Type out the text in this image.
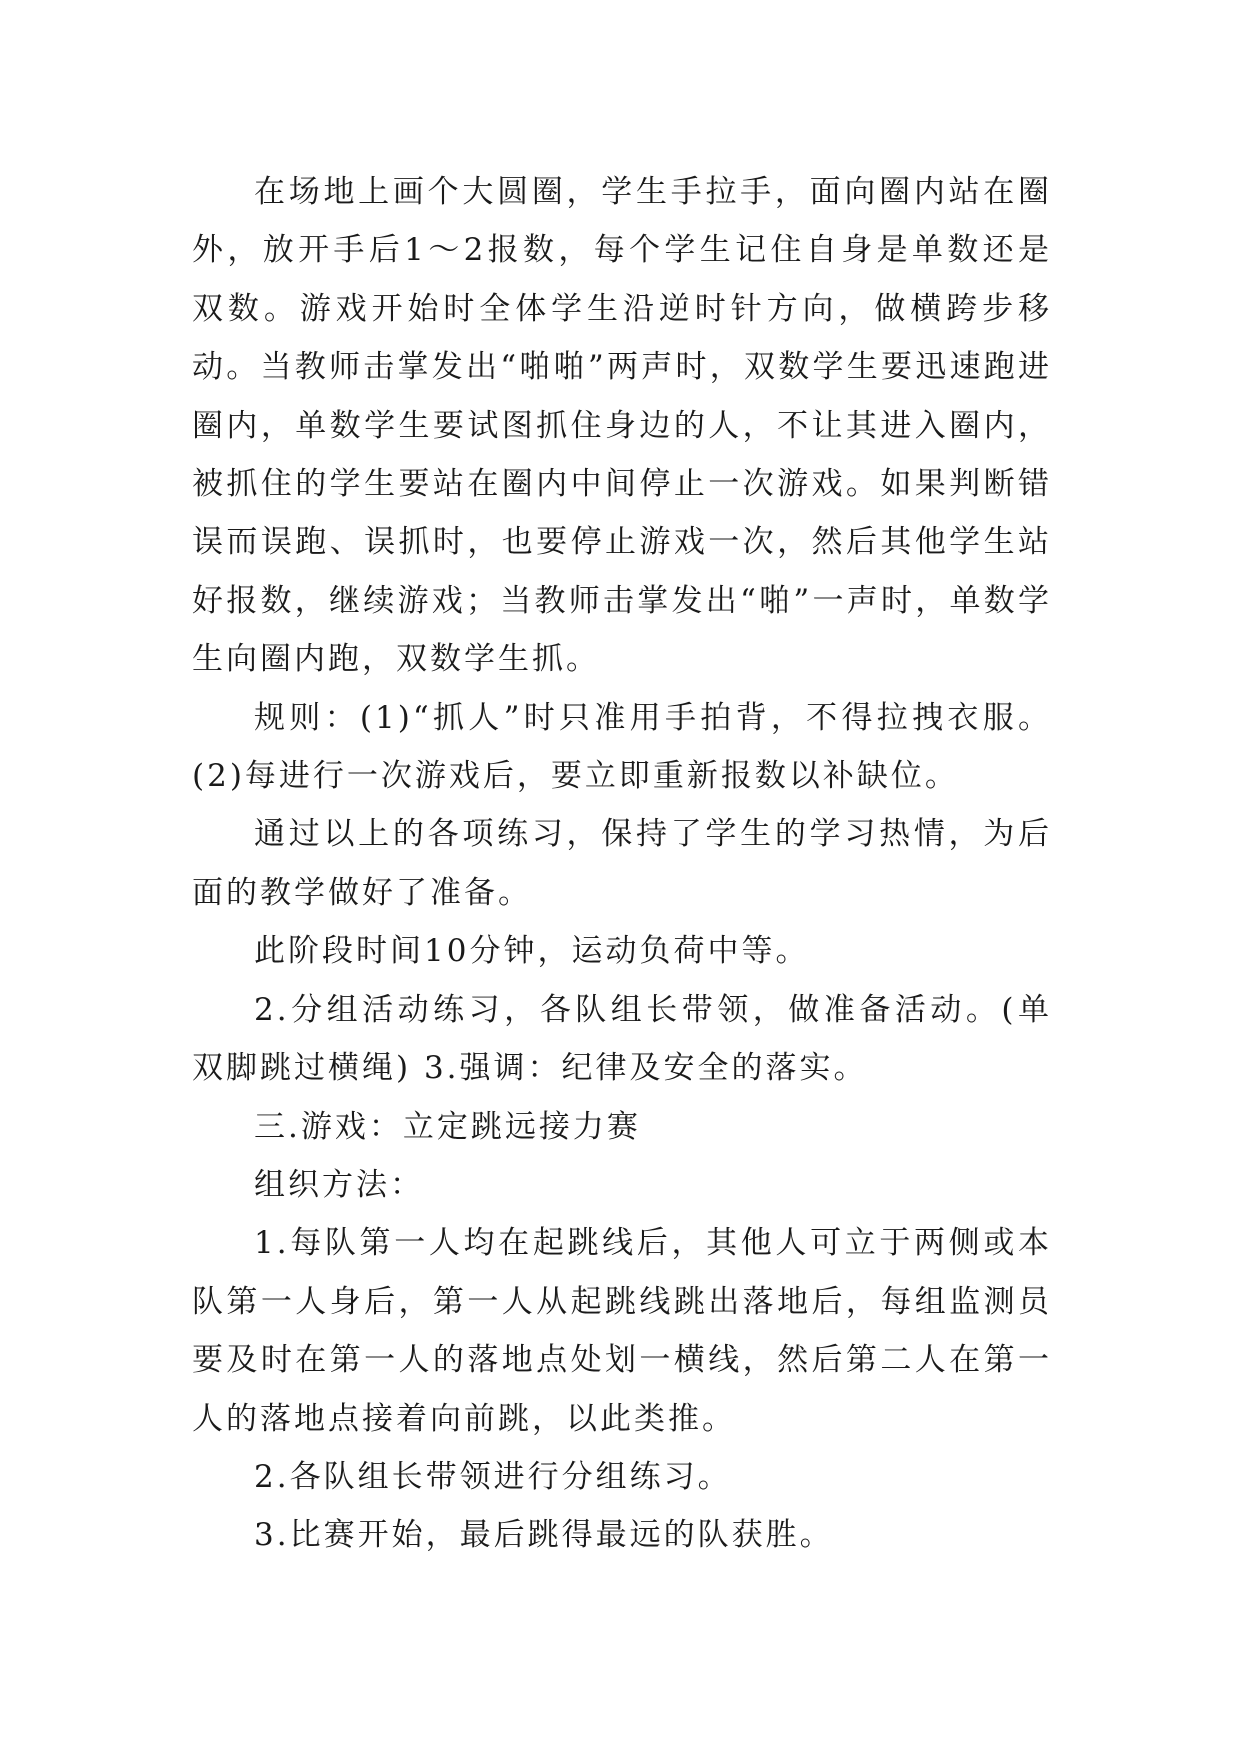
在场地上画个大圆圈，学生手拉手，面向圈内站在圈外，放开手后1～2报数，每个学生记住自身是单数还是双数。游戏开始时全体学生沿逆时针方向，做横跨步移动。当教师击掌发出“啪啪”两声时，双数学生要迅速跑进圈内，单数学生要试图抓住身边的人，不让其进入圈内，被抓住的学生要站在圈内中间停止一次游戏。如果判断错误而误跑、误抓时，也要停止游戏一次，然后其他学生站好报数，继续游戏；当教师击掌发出“啪”一声时，单数学生向圈内跑，双数学生抓。

规则：(1)“抓人”时只准用手拍背，不得拉拽衣服。(2)每进行一次游戏后，要立即重新报数以补缺位。

通过以上的各项练习，保持了学生的学习热情，为后面的教学做好了准备。

此阶段时间10分钟，运动负荷中等。

2.分组活动练习，各队组长带领，做准备活动。(单双脚跳过横绳) 3.强调：纪律及安全的落实。

三.游戏：立定跳远接力赛

组织方法：

1.每队第一人均在起跳线后，其他人可立于两侧或本队第一人身后，第一人从起跳线跳出落地后，每组监测员要及时在第一人的落地点处划一横线，然后第二人在第一人的落地点接着向前跳，以此类推。

2.各队组长带领进行分组练习。

3.比赛开始，最后跳得最远的队获胜。
